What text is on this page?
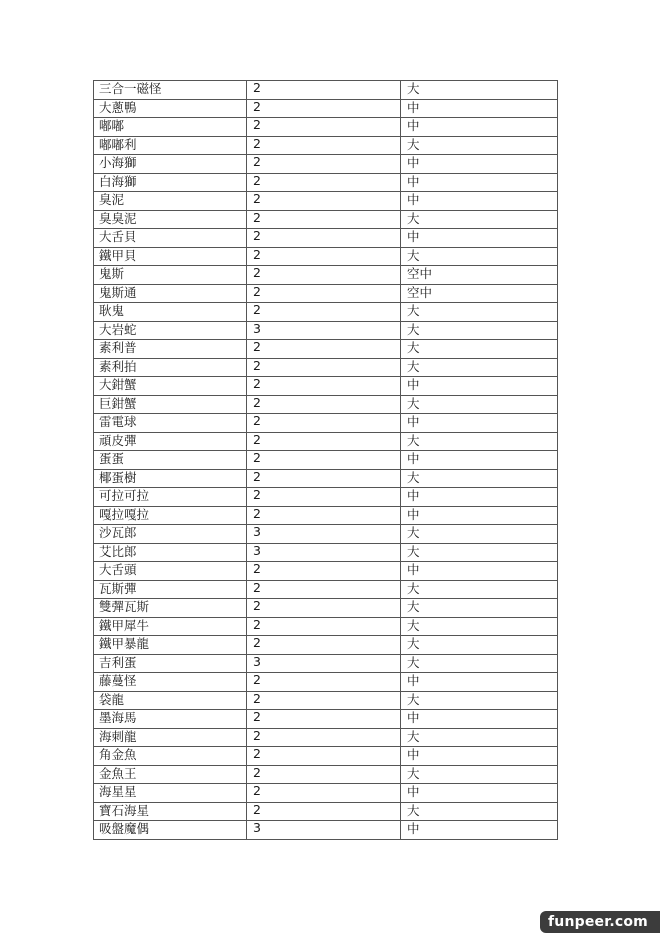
三合一磁怪	2	大
大蔥鴨	2	中
嘟嘟	2	中
嘟嘟利	2	大
小海獅	2	中
白海獅	2	中
臭泥	2	中
臭臭泥	2	大
大舌貝	2	中
鐵甲貝	2	大
鬼斯	2	空中
鬼斯通	2	空中
耿鬼	2	大
大岩蛇	3	大
素利普	2	大
素利拍	2	大
大鉗蟹	2	中
巨鉗蟹	2	大
雷電球	2	中
頑皮彈	2	大
蛋蛋	2	中
椰蛋樹	2	大
可拉可拉	2	中
嘎拉嘎拉	2	中
沙瓦郎	3	大
艾比郎	3	大
大舌頭	2	中
瓦斯彈	2	大
雙彈瓦斯	2	大
鐵甲犀牛	2	大
鐵甲暴龍	2	大
吉利蛋	3	大
藤蔓怪	2	中
袋龍	2	大
墨海馬	2	中
海刺龍	2	大
角金魚	2	中
金魚王	2	大
海星星	2	中
寶石海星	2	大
吸盤魔偶	3	中
funpeer.com
